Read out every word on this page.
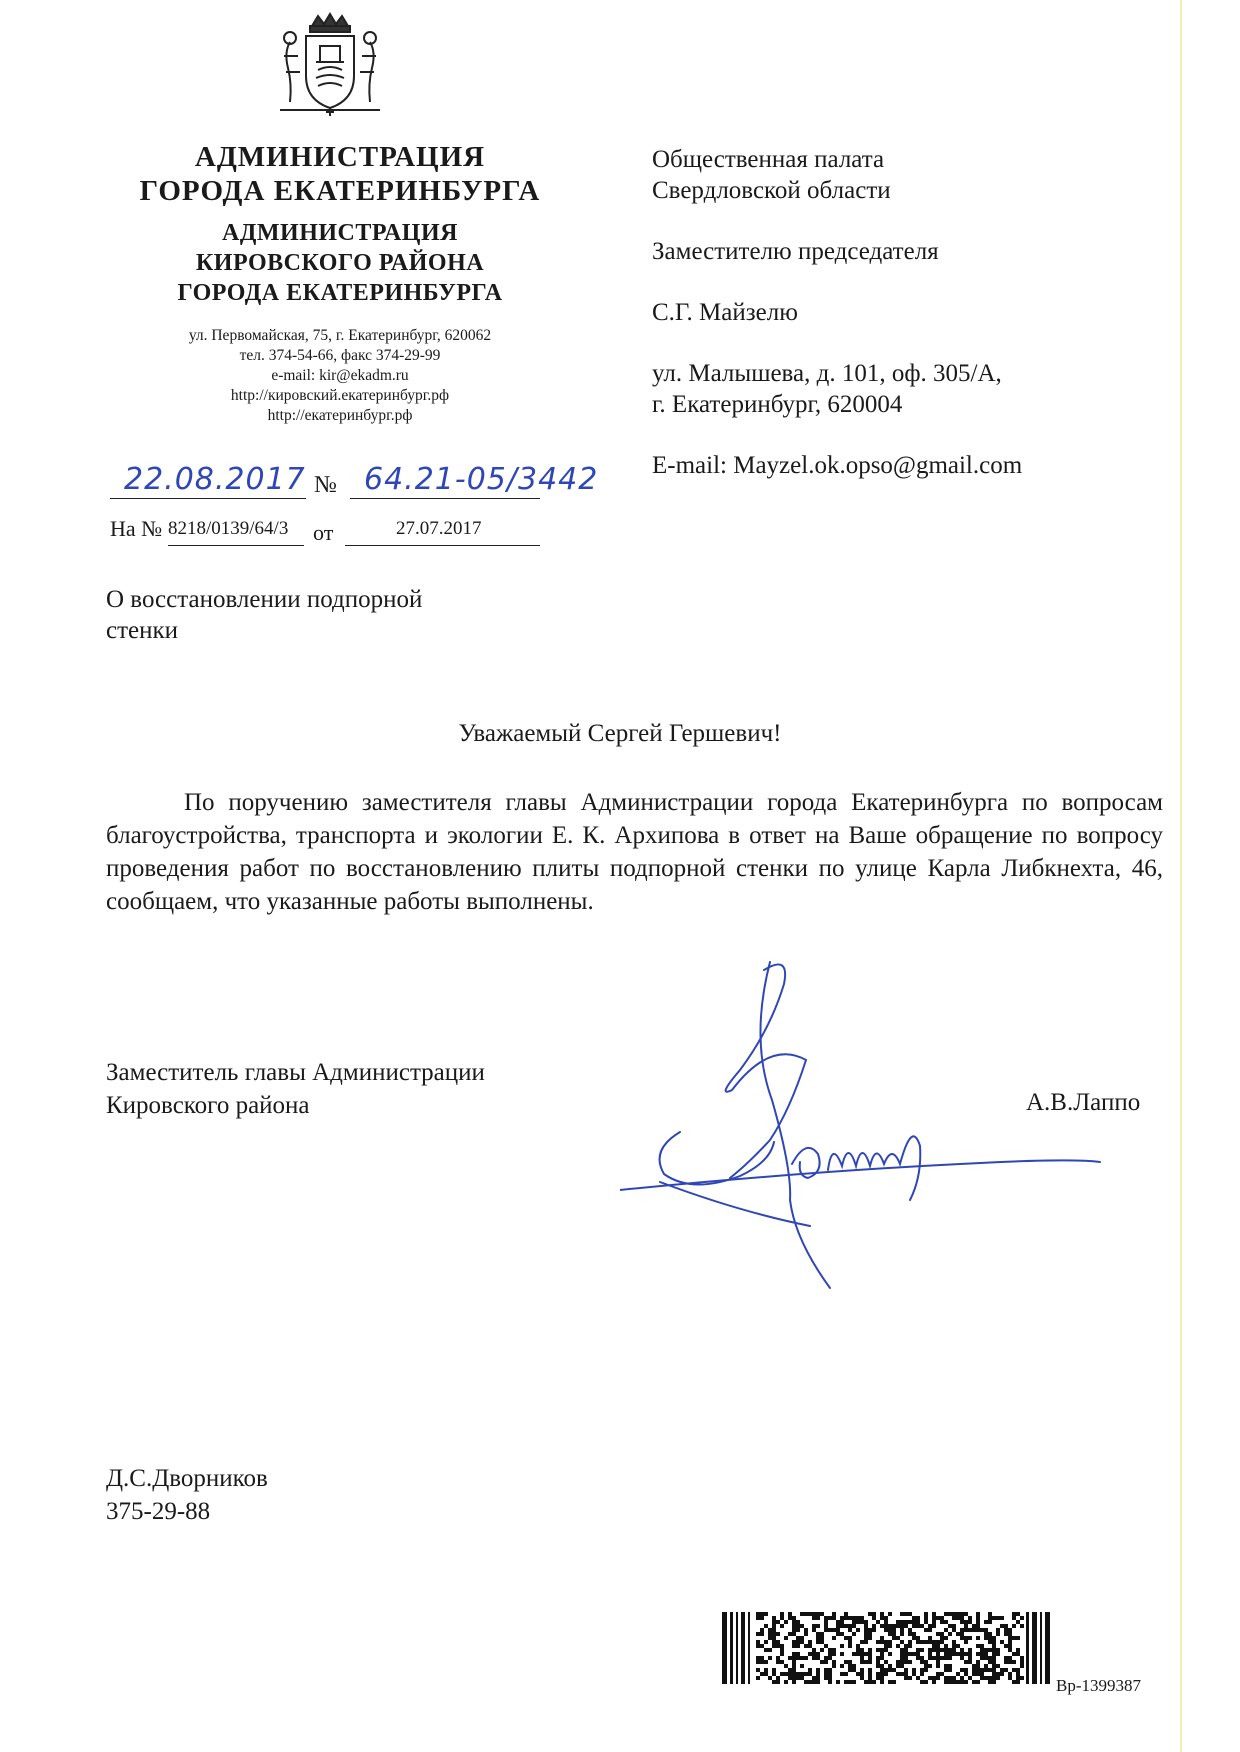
АДМИНИСТРАЦИЯ
ГОРОДА ЕКАТЕРИНБУРГА
АДМИНИСТРАЦИЯ
КИРОВСКОГО РАЙОНА
ГОРОДА ЕКАТЕРИНБУРГА
ул. Первомайская, 75, г. Екатеринбург, 620062
тел. 374-54-66, факс 374-29-99
e-mail: kir@ekadm.ru
http://кировский.екатеринбург.рф
http://екатеринбург.рф
22.08.2017 № 64.21-05/3442
На № 8218/0139/64/3	от	27.07.2017
Общественная палата
Свердловской области
Заместителю председателя
С.Г. Майзелю
ул. Малышева, д. 101, оф. 305/А,
г. Екатеринбург, 620004
E-mail: Mayzel.ok.opso@gmail.com
О восстановлении подпорной
стенки
Уважаемый Сергей Гершевич!
По поручению заместителя главы Администрации города Екатеринбурга по вопросам благоустройства, транспорта и экологии Е. К. Архипова в ответ на Ваше обращение по вопросу проведения работ по восстановлению плиты подпорной стенки по улице Карла Либкнехта, 46, сообщаем, что указанные работы выполнены.
Заместитель главы Администрации
Кировского района	А.В.Лаппо
Д.С.Дворников
375-29-88
Вр-1399387
